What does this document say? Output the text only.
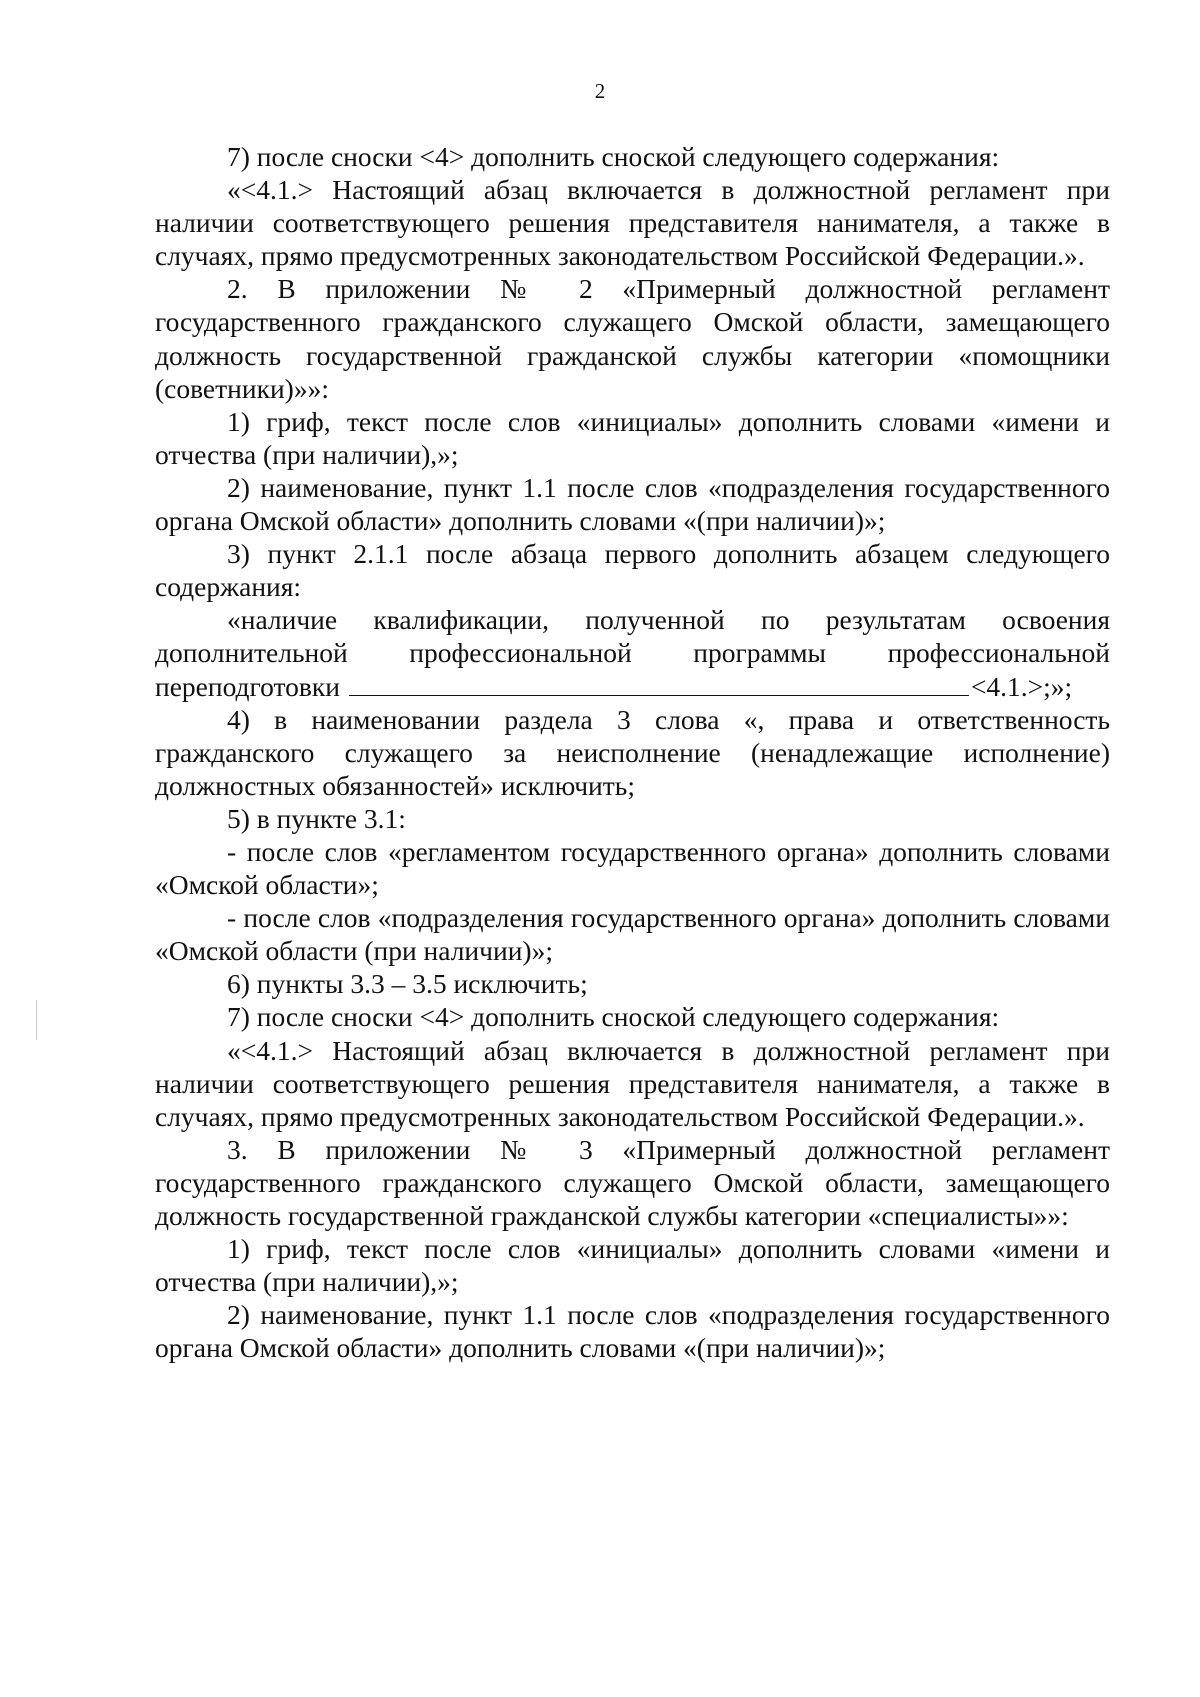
2

7) после сноски <4> дополнить сноской следующего содержания:

«<4.1.> Настоящий абзац включается в должностной регламент при наличии соответствующего решения представителя нанимателя, а также в случаях, прямо предусмотренных законодательством Российской Федерации.».

2. В приложении № 2 «Примерный должностной регламент государственного гражданского служащего Омской области, замещающего должность государственной гражданской службы категории «помощники (советники)»»:

1) гриф, текст после слов «инициалы» дополнить словами «имени и отчества (при наличии),»;

2) наименование, пункт 1.1 после слов «подразделения государственного органа Омской области» дополнить словами «(при наличии)»;

3) пункт 2.1.1 после абзаца первого дополнить абзацем следующего содержания:

«наличие квалификации, полученной по результатам освоения дополнительной профессиональной программы профессиональной переподготовки	<4.1.>;»;

4) в наименовании раздела 3 слова «, права и ответственность гражданского служащего за неисполнение (ненадлежащие исполнение) должностных обязанностей» исключить;

5) в пункте 3.1:

- после слов «регламентом государственного органа» дополнить словами «Омской области»;

- после слов «подразделения государственного органа» дополнить словами «Омской области (при наличии)»;

6) пункты 3.3 – 3.5 исключить;

7) после сноски <4> дополнить сноской следующего содержания:

«<4.1.> Настоящий абзац включается в должностной регламент при наличии соответствующего решения представителя нанимателя, а также в случаях, прямо предусмотренных законодательством Российской Федерации.».

3. В приложении № 3 «Примерный должностной регламент государственного гражданского служащего Омской области, замещающего должность государственной гражданской службы категории «специалисты»»:

1) гриф, текст после слов «инициалы» дополнить словами «имени и отчества (при наличии),»;

2) наименование, пункт 1.1 после слов «подразделения государственного органа Омской области» дополнить словами «(при наличии)»;
